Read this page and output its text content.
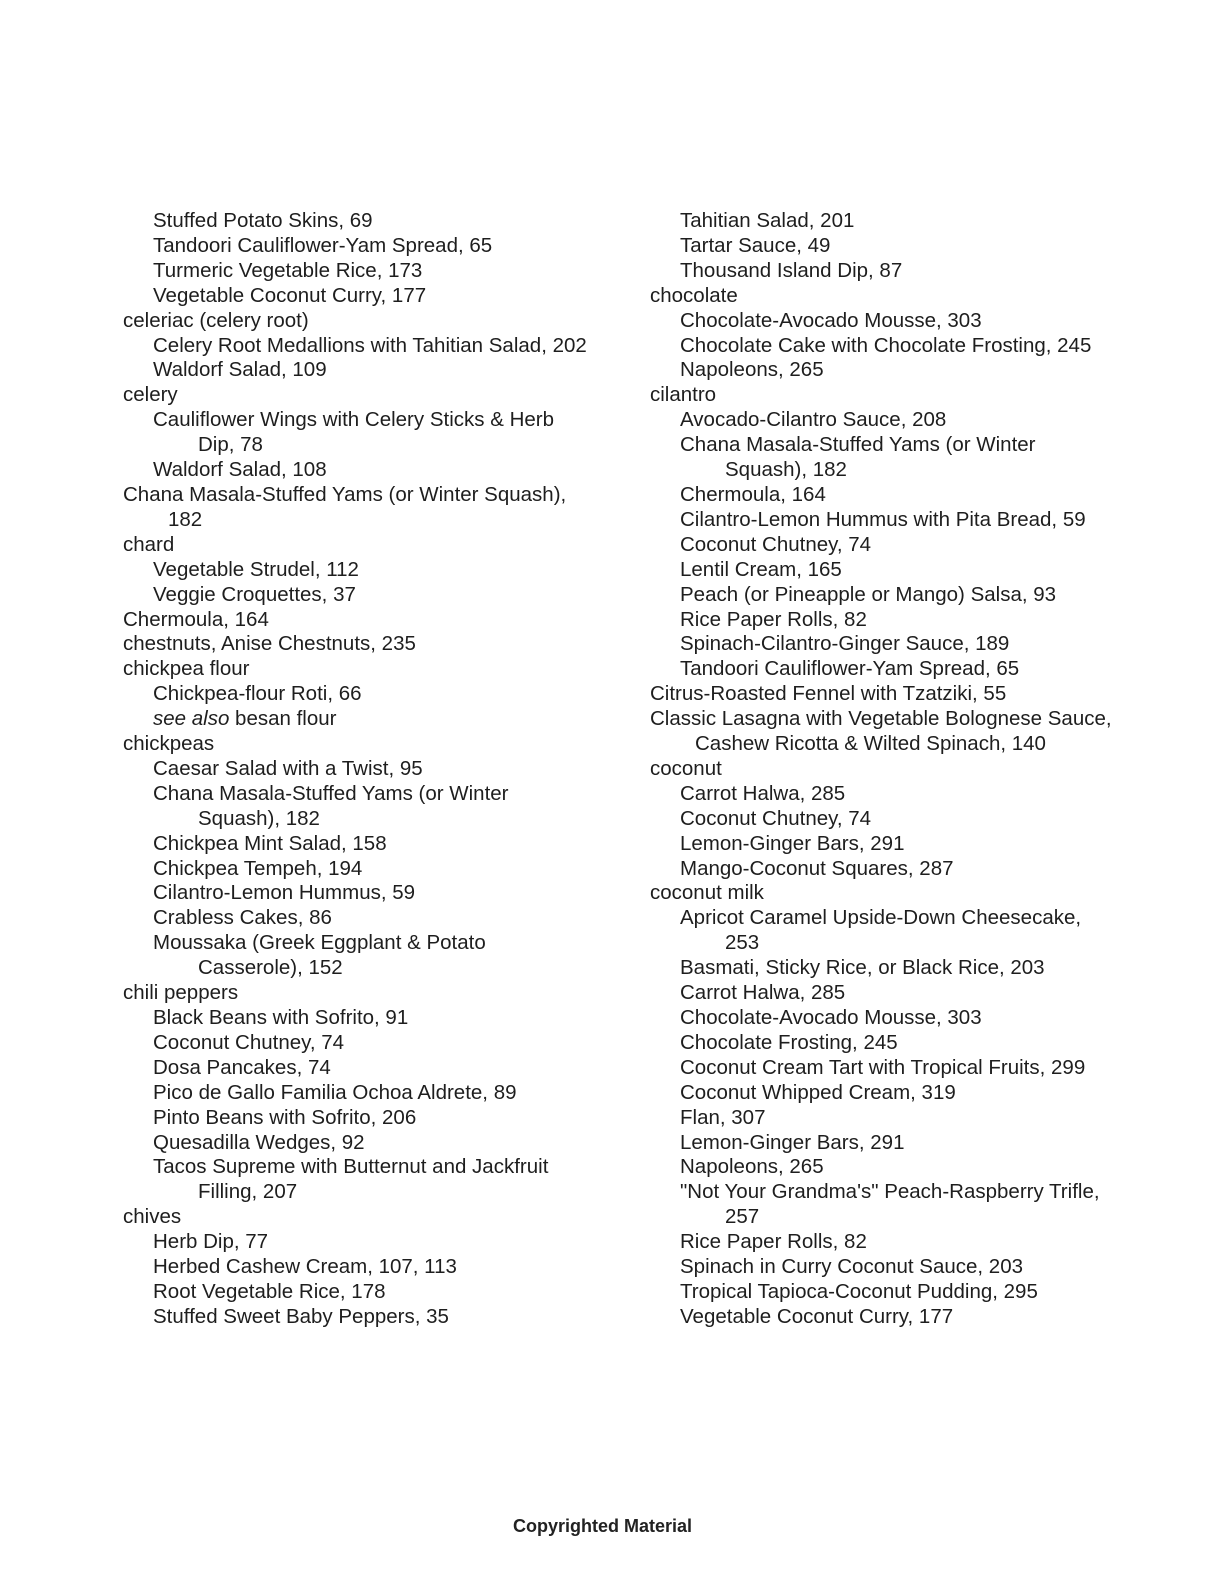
Stuffed Potato Skins, 69

Tandoori Cauliflower-Yam Spread, 65

Turmeric Vegetable Rice, 173

Vegetable Coconut Curry, 177

celeriac (celery root)

Celery Root Medallions with Tahitian Salad, 202

Waldorf Salad, 109

celery

Cauliflower Wings with Celery Sticks & Herb Dip, 78

Waldorf Salad, 108

Chana Masala-Stuffed Yams (or Winter Squash), 182

chard

Vegetable Strudel, 112

Veggie Croquettes, 37

Chermoula, 164

chestnuts, Anise Chestnuts, 235

chickpea flour

Chickpea-flour Roti, 66

see also besan flour

chickpeas

Caesar Salad with a Twist, 95

Chana Masala-Stuffed Yams (or Winter Squash), 182

Chickpea Mint Salad, 158

Chickpea Tempeh, 194

Cilantro-Lemon Hummus, 59

Crabless Cakes, 86

Moussaka (Greek Eggplant & Potato Casserole), 152

chili peppers

Black Beans with Sofrito, 91

Coconut Chutney, 74

Dosa Pancakes, 74

Pico de Gallo Familia Ochoa Aldrete, 89

Pinto Beans with Sofrito, 206

Quesadilla Wedges, 92

Tacos Supreme with Butternut and Jackfruit Filling, 207

chives

Herb Dip, 77

Herbed Cashew Cream, 107, 113

Root Vegetable Rice, 178

Stuffed Sweet Baby Peppers, 35

Tahitian Salad, 201

Tartar Sauce, 49

Thousand Island Dip, 87

chocolate

Chocolate-Avocado Mousse, 303

Chocolate Cake with Chocolate Frosting, 245

Napoleons, 265

cilantro

Avocado-Cilantro Sauce, 208

Chana Masala-Stuffed Yams (or Winter Squash), 182

Chermoula, 164

Cilantro-Lemon Hummus with Pita Bread, 59

Coconut Chutney, 74

Lentil Cream, 165

Peach (or Pineapple or Mango) Salsa, 93

Rice Paper Rolls, 82

Spinach-Cilantro-Ginger Sauce, 189

Tandoori Cauliflower-Yam Spread, 65

Citrus-Roasted Fennel with Tzatziki, 55

Classic Lasagna with Vegetable Bolognese Sauce, Cashew Ricotta & Wilted Spinach, 140

coconut

Carrot Halwa, 285

Coconut Chutney, 74

Lemon-Ginger Bars, 291

Mango-Coconut Squares, 287

coconut milk

Apricot Caramel Upside-Down Cheesecake, 253

Basmati, Sticky Rice, or Black Rice, 203

Carrot Halwa, 285

Chocolate-Avocado Mousse, 303

Chocolate Frosting, 245

Coconut Cream Tart with Tropical Fruits, 299

Coconut Whipped Cream, 319

Flan, 307

Lemon-Ginger Bars, 291

Napoleons, 265

"Not Your Grandma's" Peach-Raspberry Trifle, 257

Rice Paper Rolls, 82

Spinach in Curry Coconut Sauce, 203

Tropical Tapioca-Coconut Pudding, 295

Vegetable Coconut Curry, 177

Copyrighted Material
